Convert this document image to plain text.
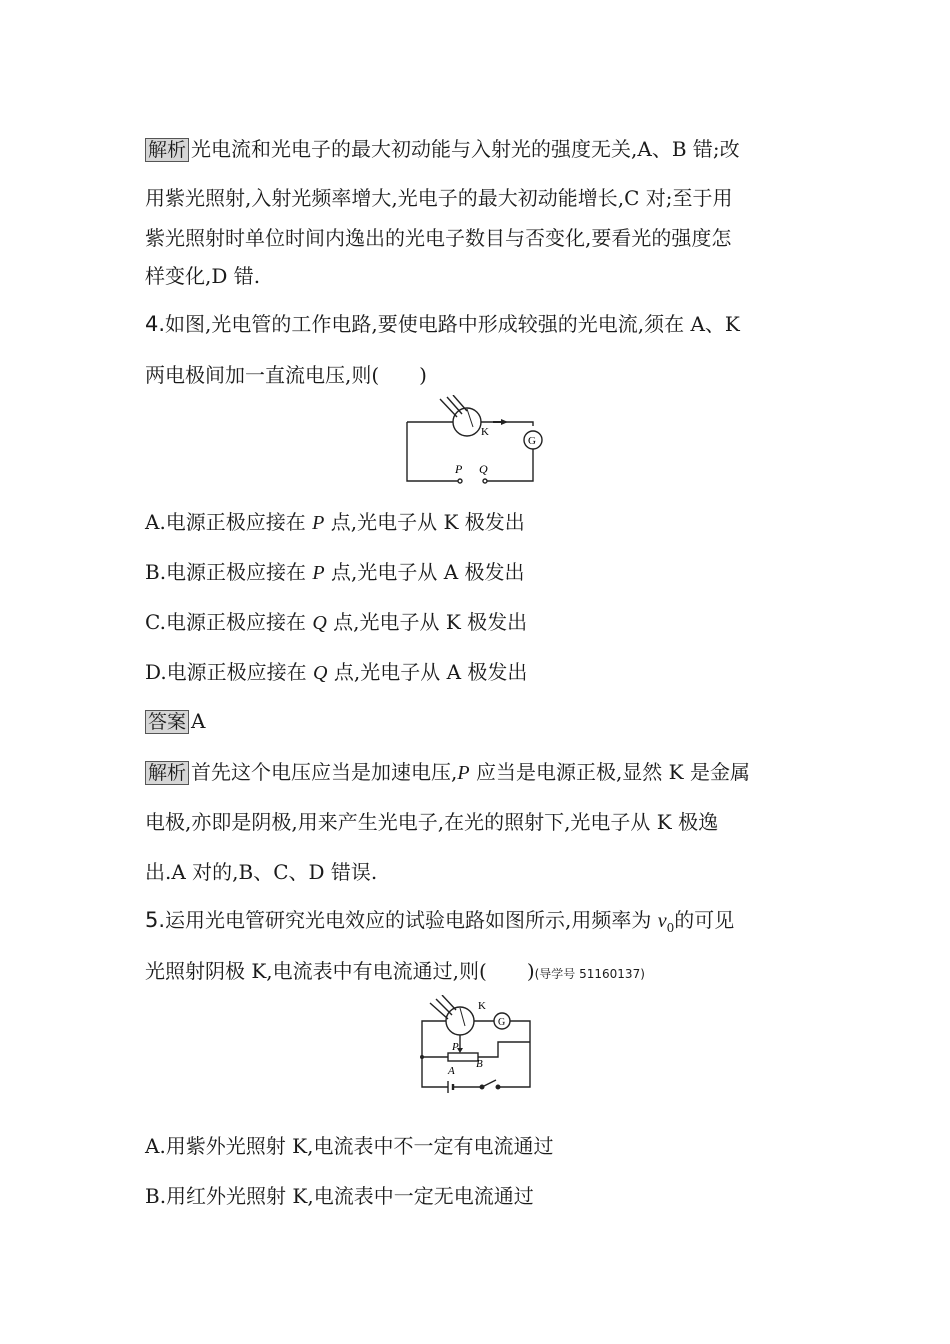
解析 光电流和光电子的最大初动能与入射光的强度无关,A、B 错;改
用紫光照射,入射光频率增大,光电子的最大初动能增长,C 对;至于用
紫光照射时单位时间内逸出的光电子数目与否变化,要看光的强度怎
样变化,D 错.
4.如图,光电管的工作电路,要使电路中形成较强的光电流,须在 A、K
两电极间加一直流电压,则(　　)
K
G
P Q
A.电源正极应接在 P 点,光电子从 K 极发出
B.电源正极应接在 P 点,光电子从 A 极发出
C.电源正极应接在 Q 点,光电子从 K 极发出
D.电源正极应接在 Q 点,光电子从 A 极发出
答案 A
解析 首先这个电压应当是加速电压,P 应当是电源正极,显然 K 是金属
电极,亦即是阴极,用来产生光电子,在光的照射下,光电子从 K 极逸
出.A 对的,B、C、D 错误.
5.运用光电管研究光电效应的试验电路如图所示,用频率为 $\nu_0$的可见
光照射阴极 K,电流表中有电流通过,则(　　)(导学号 51160137)
K
G
P
A
B
A.用紫外光照射 K,电流表中不一定有电流通过
B.用红外光照射 K,电流表中一定无电流通过
